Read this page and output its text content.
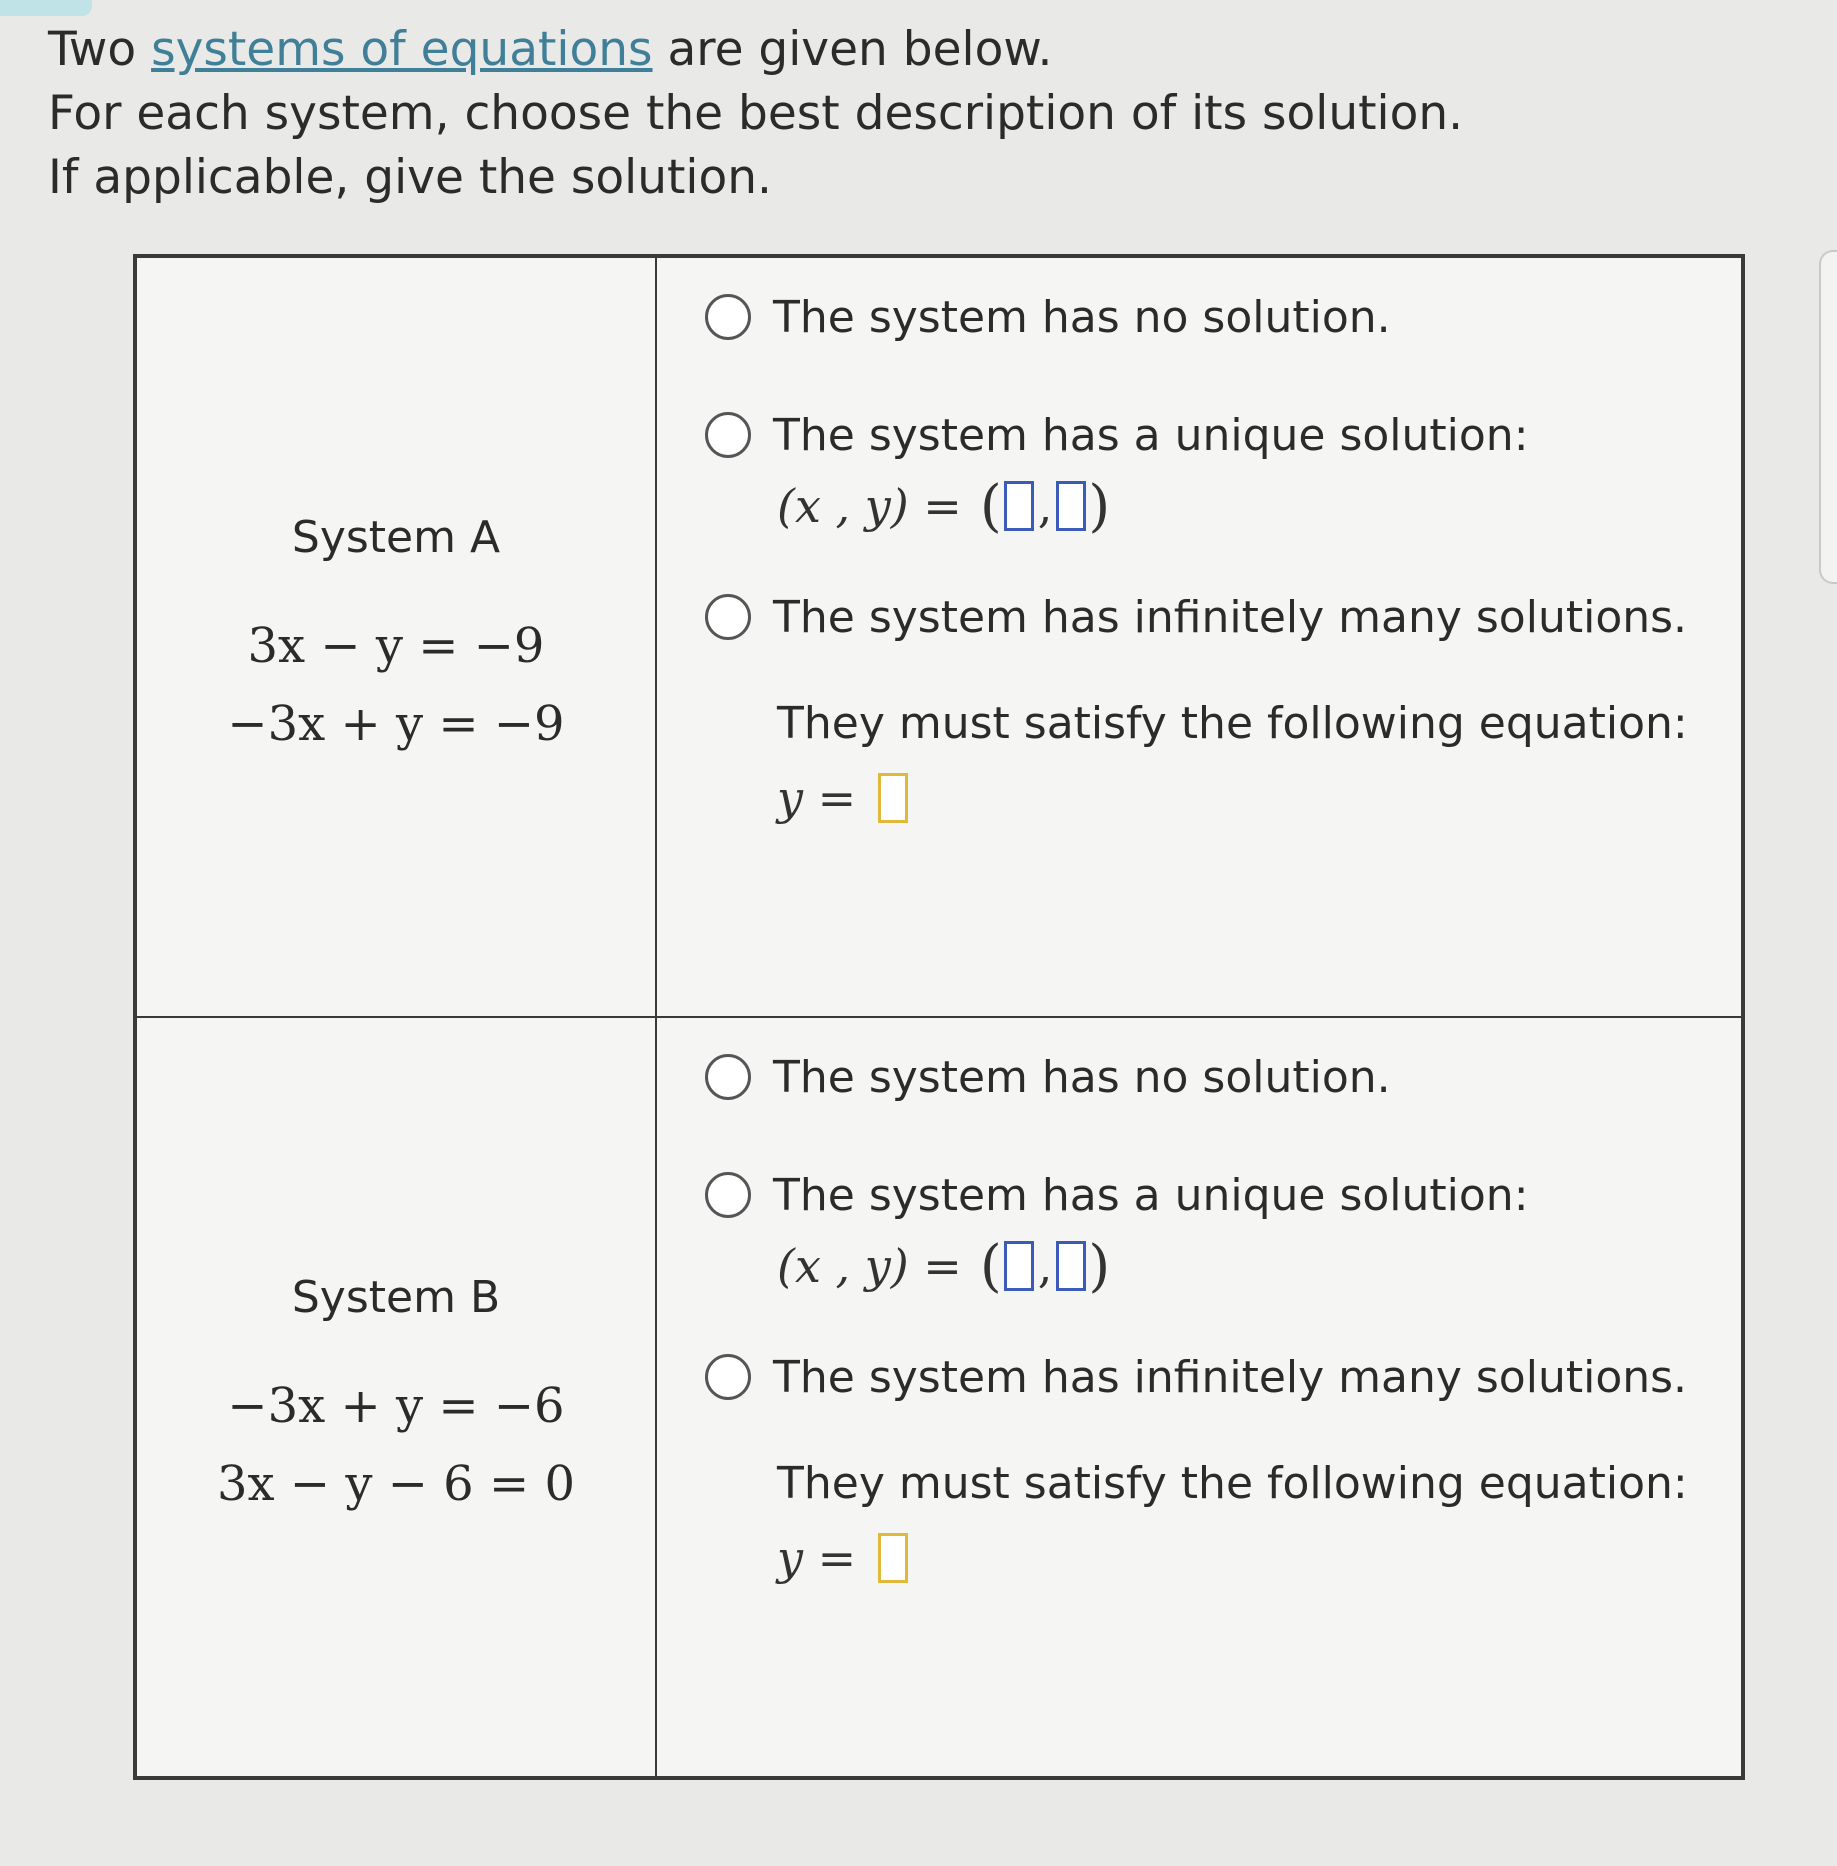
Two systems of equations are given below.
For each system, choose the best description of its solution.
If applicable, give the solution.
System A
3x − y = −9
−3x + y = −9
The system has no solution.
The system has a unique solution:
(x , y) = ( , )
The system has infinitely many solutions.
They must satisfy the following equation:
y =
System B
−3x + y = −6
3x − y − 6 = 0
The system has no solution.
The system has a unique solution:
(x , y) = ( , )
The system has infinitely many solutions.
They must satisfy the following equation:
y =
